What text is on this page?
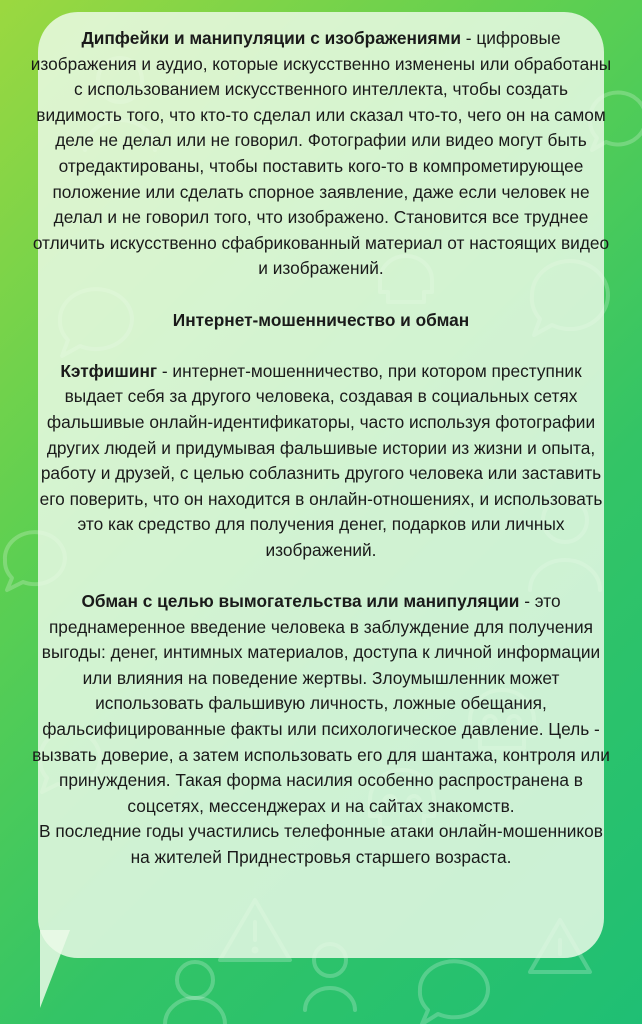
Дипфейки и манипуляции с изображениями - цифровые изображения и аудио, которые искусственно изменены или обработаны с использованием искусственного интеллекта, чтобы создать видимость того, что кто-то сделал или сказал что-то, чего он на самом деле не делал или не говорил. Фотографии или видео могут быть отредактированы, чтобы поставить кого-то в компрометирующее положение или сделать спорное заявление, даже если человек не делал и не говорил того, что изображено. Становится все труднее отличить искусственно сфабрикованный материал от настоящих видео и изображений.

Интернет-мошенничество и обман

Кэтфишинг - интернет-мошенничество, при котором преступник выдает себя за другого человека, создавая в социальных сетях фальшивые онлайн-идентификаторы, часто используя фотографии других людей и придумывая фальшивые истории из жизни и опыта, работу и друзей, с целью соблазнить другого человека или заставить его поверить, что он находится в онлайн-отношениях, и использовать это как средство для получения денег, подарков или личных изображений.

Обман с целью вымогательства или манипуляции - это преднамеренное введение человека в заблуждение для получения выгоды: денег, интимных материалов, доступа к личной информации или влияния на поведение жертвы. Злоумышленник может использовать фальшивую личность, ложные обещания, фальсифицированные факты или психологическое давление. Цель - вызвать доверие, а затем использовать его для шантажа, контроля или принуждения. Такая форма насилия особенно распространена в соцсетях, мессенджерах и на сайтах знакомств.

В последние годы участились телефонные атаки онлайн-мошенников на жителей Приднестровья старшего возраста.
